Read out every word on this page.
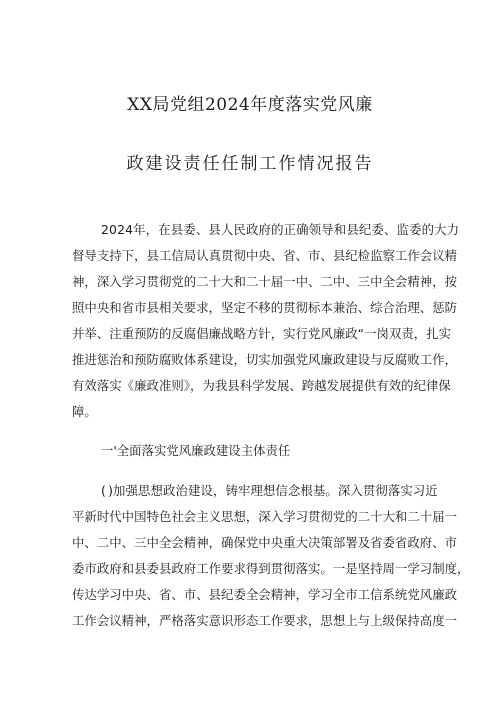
XX局党组2024年度落实党风廉
政建设责任任制工作情况报告
2024年，在县委、县人民政府的正确领导和县纪委、监委的大力
督导支持下，县工信局认真贯彻中央、省、市、县纪检监察工作会议精
神，深入学习贯彻党的二十大和二十届一中、二中、三中全会精神，按
照中央和省市县相关要求，坚定不移的贯彻标本兼治、综合治理、惩防
并举、注重预防的反腐倡廉战略方针，实行党风廉政“一岗双责，扎实
推进惩治和预防腐败体系建设，切实加强党风廉政建设与反腐败工作，
有效落实《廉政准则》，为我县科学发展、跨越发展提供有效的纪律保
障。
一'全面落实党风廉政建设主体责任
( )加强思想政治建设，铸牢理想信念根基。深入贯彻落实习近
平新时代中国特色社会主义思想，深入学习贯彻党的二十大和二十届一
中、二中、三中全会精神，确保党中央重大决策部署及省委省政府、市
委市政府和县委县政府工作要求得到贯彻落实。一是坚持周一学习制度，
传达学习中央、省、市、县纪委全会精神，学习全市工信系统党风廉政
工作会议精神，严格落实意识形态工作要求，思想上与上级保持高度一
